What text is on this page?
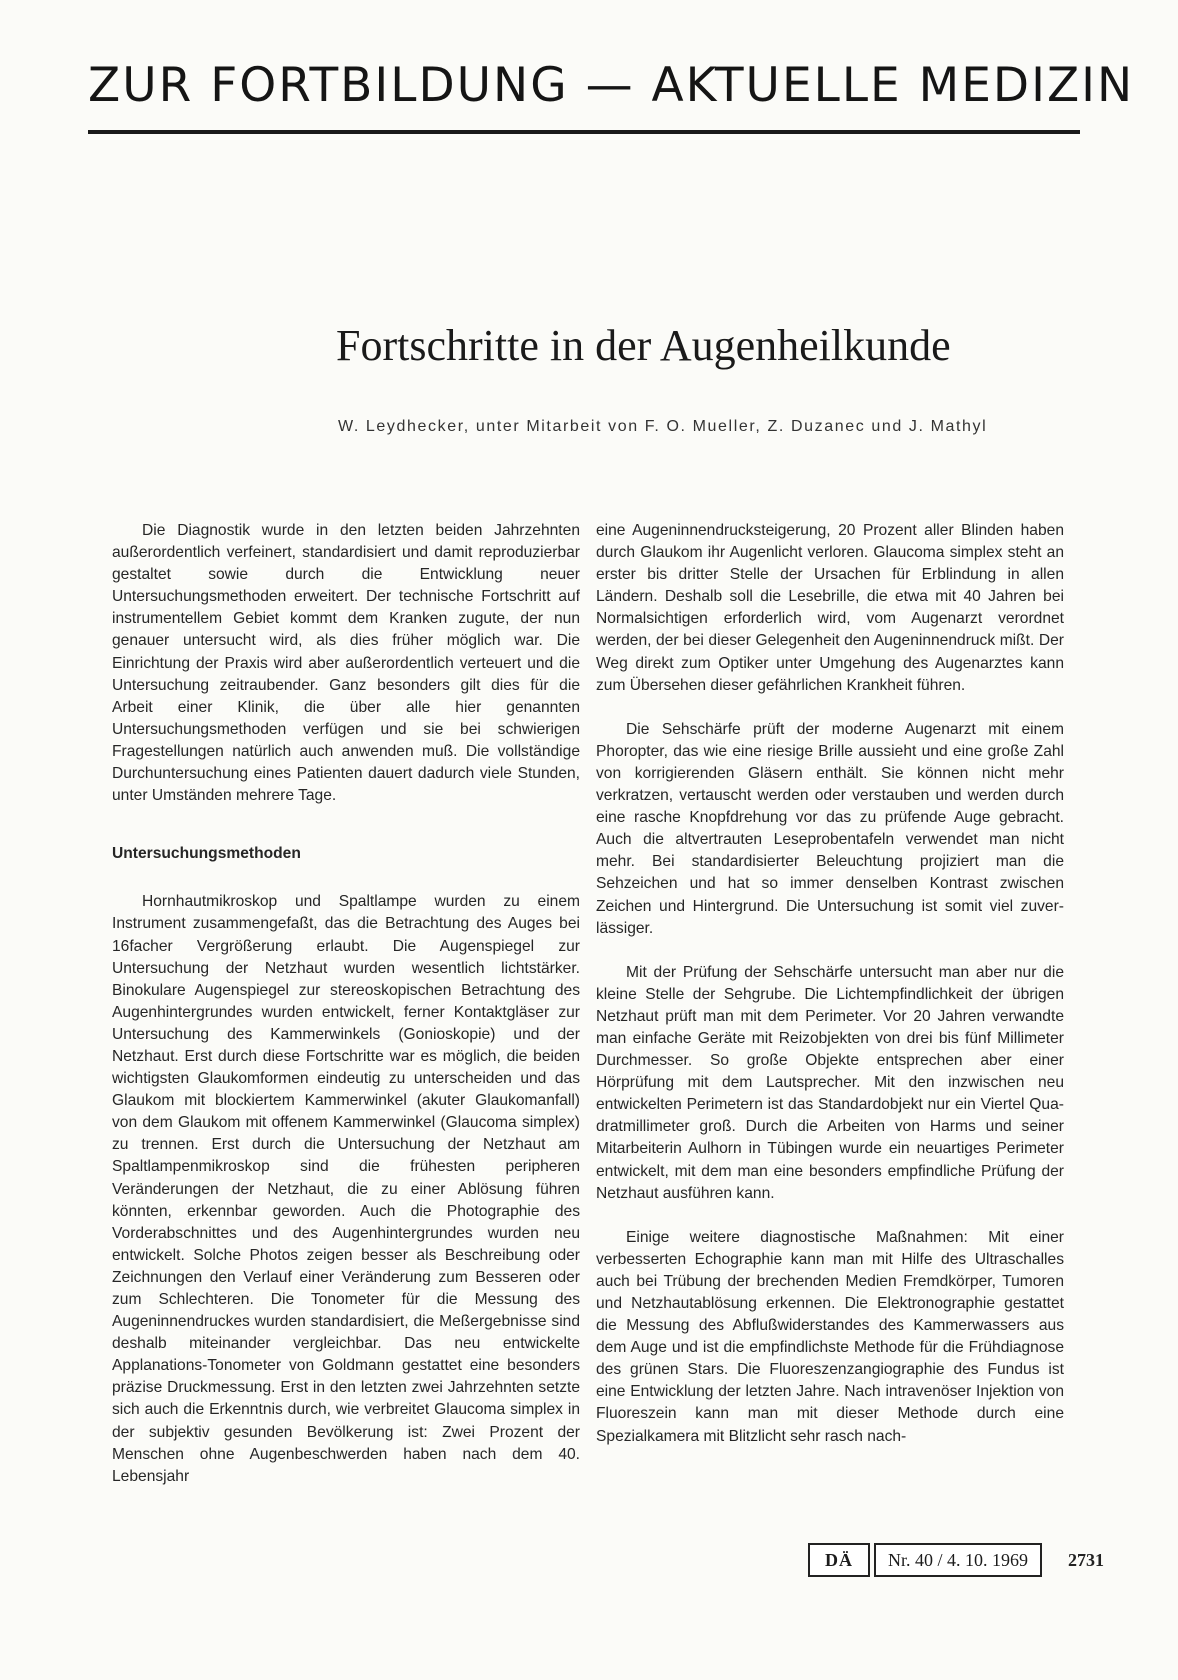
ZUR FORTBILDUNG — AKTUELLE MEDIZIN
Fortschritte in der Augenheilkunde
W. Leydhecker, unter Mitarbeit von F. O. Mueller, Z. Duzanec und J. Mathyl

Die Diagnostik wurde in den letzten beiden Jahrzehnten außerordentlich verfeinert, standardisiert und damit reproduzierbar gestaltet sowie durch die Entwicklung neuer Untersuchungsmethoden erweitert. Der technische Fortschritt auf instrumentellem Gebiet kommt dem Kranken zugute, der nun genauer untersucht wird, als dies früher möglich war. Die Einrichtung der Praxis wird aber außerordentlich verteuert und die Untersuchung zeitraubender. Ganz besonders gilt dies für die Arbeit einer Klinik, die über alle hier genannten Untersuchungsmethoden verfügen und sie bei schwierigen Fragestellungen natürlich auch anwenden muß. Die vollständige Durchuntersuchung eines Patienten dauert dadurch viele Stunden, unter Umständen mehrere Tage.

Untersuchungsmethoden

Hornhautmikroskop und Spaltlampe wurden zu einem Instrument zusammengefaßt, das die Betrachtung des Auges bei 16facher Vergrößerung erlaubt. Die Augenspiegel zur Untersuchung der Netzhaut wurden wesentlich lichtstärker. Binokulare Augenspiegel zur stereoskopischen Betrachtung des Augenhintergrundes wurden entwickelt, ferner Kontaktgläser zur Untersuchung des Kammerwinkels (Gonioskopie) und der Netzhaut. Erst durch diese Fortschritte war es möglich, die beiden wichtigsten Glaukomformen eindeutig zu unterscheiden und das Glaukom mit blockiertem Kammerwinkel (akuter Glaukomanfall) von dem Glaukom mit offenem Kammerwinkel (Glaucoma simplex) zu trennen. Erst durch die Untersuchung der Netzhaut am Spaltlampenmikroskop sind die frühesten peripheren Veränderungen der Netzhaut, die zu einer Ablösung führen könnten, erkennbar geworden. Auch die Photographie des Vorderabschnittes und des Augenhintergrundes wurden neu entwickelt. Solche Photos zeigen besser als Beschreibung oder Zeichnungen den Verlauf einer Veränderung zum Besseren oder zum Schlechteren. Die Tonometer für die Messung des Augeninnendruckes wurden standardisiert, die Meßergebnisse sind deshalb miteinander vergleichbar. Das neu entwickelte Applanations-Tonometer von Goldmann gestattet eine besonders präzise Druckmessung. Erst in den letzten zwei Jahrzehnten setzte sich auch die Erkenntnis durch, wie verbreitet Glaucoma simplex in der subjektiv gesunden Bevölkerung ist: Zwei Prozent der Menschen ohne Augenbeschwerden haben nach dem 40. Lebensjahr

eine Augeninnendrucksteigerung, 20 Prozent aller Blinden haben durch Glaukom ihr Augenlicht verloren. Glaucoma simplex steht an erster bis dritter Stelle der Ursachen für Erblindung in allen Ländern. Deshalb soll die Lesebrille, die etwa mit 40 Jahren bei Normalsichtigen erforderlich wird, vom Augenarzt verordnet werden, der bei dieser Gelegenheit den Augeninnendruck mißt. Der Weg direkt zum Optiker unter Umgehung des Augenarztes kann zum Übersehen dieser gefährlichen Krankheit führen.

Die Sehschärfe prüft der moderne Augenarzt mit einem Phoropter, das wie eine riesige Brille aussieht und eine große Zahl von korrigierenden Gläsern enthält. Sie können nicht mehr verkratzen, vertauscht werden oder verstauben und werden durch eine rasche Knopfdrehung vor das zu prüfende Auge gebracht. Auch die altvertrauten Leseprobentafeln verwendet man nicht mehr. Bei standardisierter Beleuchtung projiziert man die Sehzeichen und hat so immer denselben Kontrast zwischen Zeichen und Hintergrund. Die Untersuchung ist somit viel zuverlässiger.

Mit der Prüfung der Sehschärfe untersucht man aber nur die kleine Stelle der Sehgrube. Die Lichtempfindlichkeit der übrigen Netzhaut prüft man mit dem Perimeter. Vor 20 Jahren verwandte man einfache Geräte mit Reizobjekten von drei bis fünf Millimeter Durchmesser. So große Objekte entsprechen aber einer Hörprüfung mit dem Lautsprecher. Mit den inzwischen neu entwickelten Perimetern ist das Standardobjekt nur ein Viertel Quadratmillimeter groß. Durch die Arbeiten von Harms und seiner Mitarbeiterin Aulhorn in Tübingen wurde ein neuartiges Perimeter entwickelt, mit dem man eine besonders empfindliche Prüfung der Netzhaut ausführen kann.

Einige weitere diagnostische Maßnahmen: Mit einer verbesserten Echographie kann man mit Hilfe des Ultraschalles auch bei Trübung der brechenden Medien Fremdkörper, Tumoren und Netzhautablösung erkennen. Die Elektronographie gestattet die Messung des Abflußwiderstandes des Kammerwassers aus dem Auge und ist die empfindlichste Methode für die Frühdiagnose des grünen Stars. Die Fluoreszenzangiographie des Fundus ist eine Entwicklung der letzten Jahre. Nach intravenöser Injektion von Fluoreszein kann man mit dieser Methode durch eine Spezialkamera mit Blitzlicht sehr rasch nach-

DÄ	Nr. 40 / 4. 10. 1969	2731
